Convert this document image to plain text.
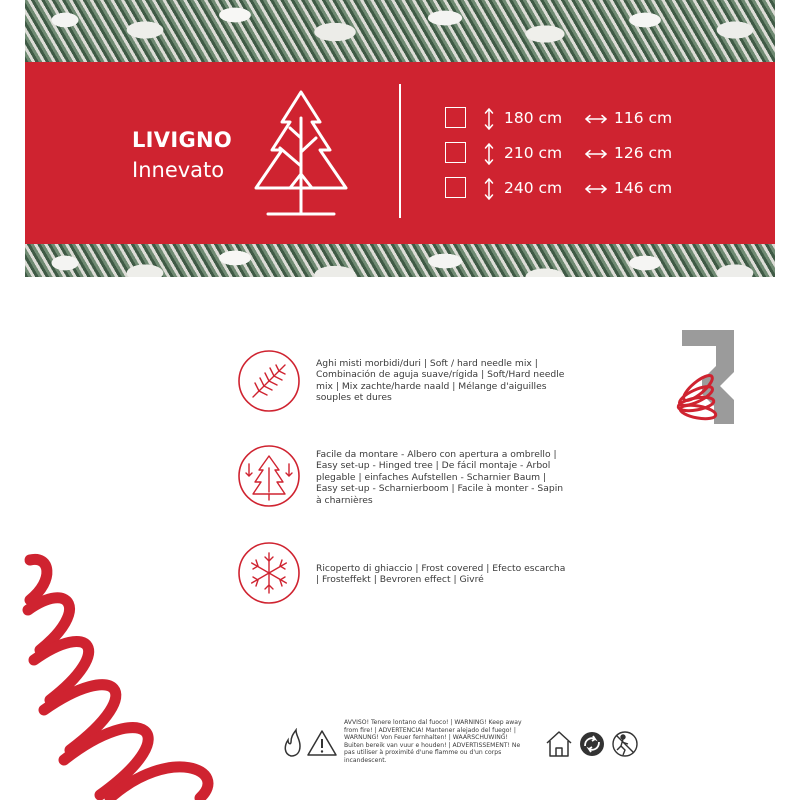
LIVIGNO
Innevato
180 cm	116 cm
210 cm	126 cm
240 cm	146 cm
Aghi misti morbidi/duri | Soft / hard needle mix | Combinación de aguja suave/rígida | Soft/Hard needle mix | Mix zachte/harde naald | Mélange d'aiguilles souples et dures
Facile da montare - Albero con apertura a ombrello | Easy set-up - Hinged tree | De fácil montaje - Arbol plegable | einfaches Aufstellen - Scharnier Baum | Easy set-up - Scharnierboom | Facile à monter - Sapin à charnières
Ricoperto di ghiaccio | Frost covered | Efecto escarcha | Frosteffekt | Bevroren effect | Givré
AVVISO! Tenere lontano dal fuoco! | WARNING! Keep away from fire! | ADVERTENCIA! Mantener alejado del fuego! | WARNUNG! Von Feuer fernhalten! | WAARSCHUWING! Buiten bereik van vuur e houden! | ADVERTISSEMENT! Ne pas utiliser à proximité d'une flamme ou d'un corps incandescent.
